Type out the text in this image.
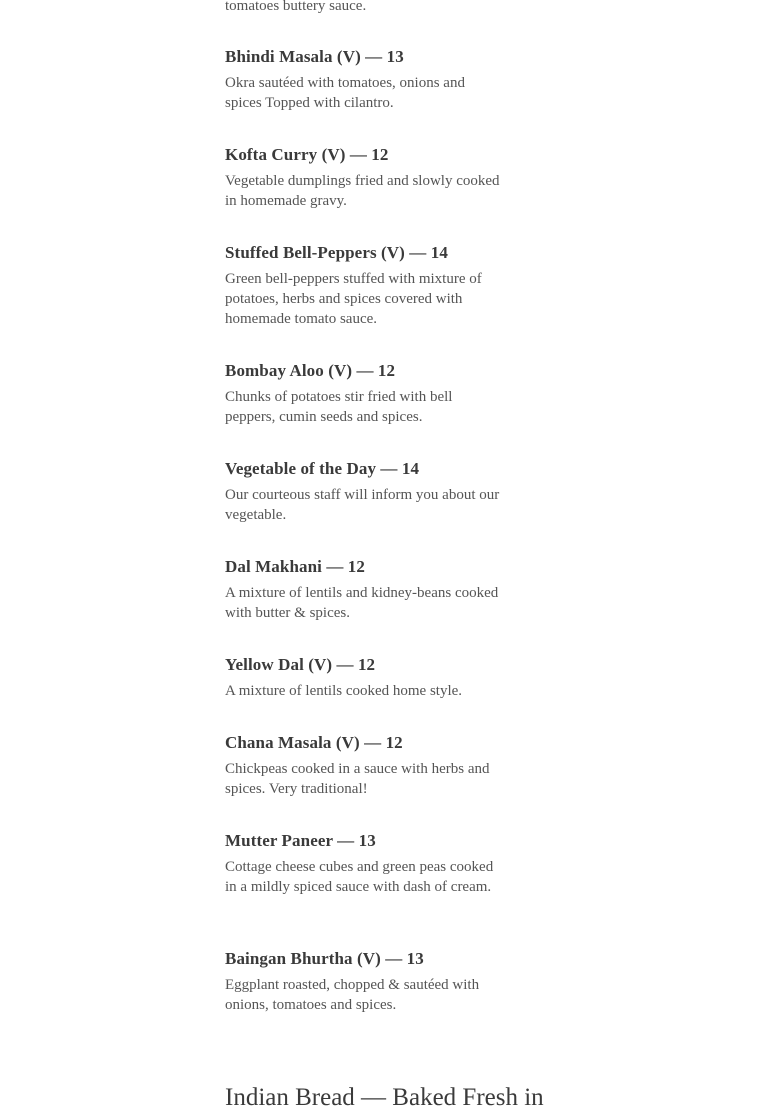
tomatoes buttery sauce.
Bhindi Masala (V) — 13
Okra sautéed with tomatoes, onions and spices Topped with cilantro.
Kofta Curry (V) — 12
Vegetable dumplings fried and slowly cooked in homemade gravy.
Stuffed Bell-Peppers (V) — 14
Green bell-peppers stuffed with mixture of potatoes, herbs and spices covered with homemade tomato sauce.
Bombay Aloo (V) — 12
Chunks of potatoes stir fried with bell peppers, cumin seeds and spices.
Vegetable of the Day — 14
Our courteous staff will inform you about our vegetable.
Dal Makhani — 12
A mixture of lentils and kidney-beans cooked with butter & spices.
Yellow Dal (V) — 12
A mixture of lentils cooked home style.
Chana Masala (V) — 12
Chickpeas cooked in a sauce with herbs and spices. Very traditional!
Mutter Paneer — 13
Cottage cheese cubes and green peas cooked in a mildly spiced sauce with dash of cream.
Baingan Bhurtha (V) — 13
Eggplant roasted, chopped & sautéed with onions, tomatoes and spices.
Indian Bread — Baked Fresh in
